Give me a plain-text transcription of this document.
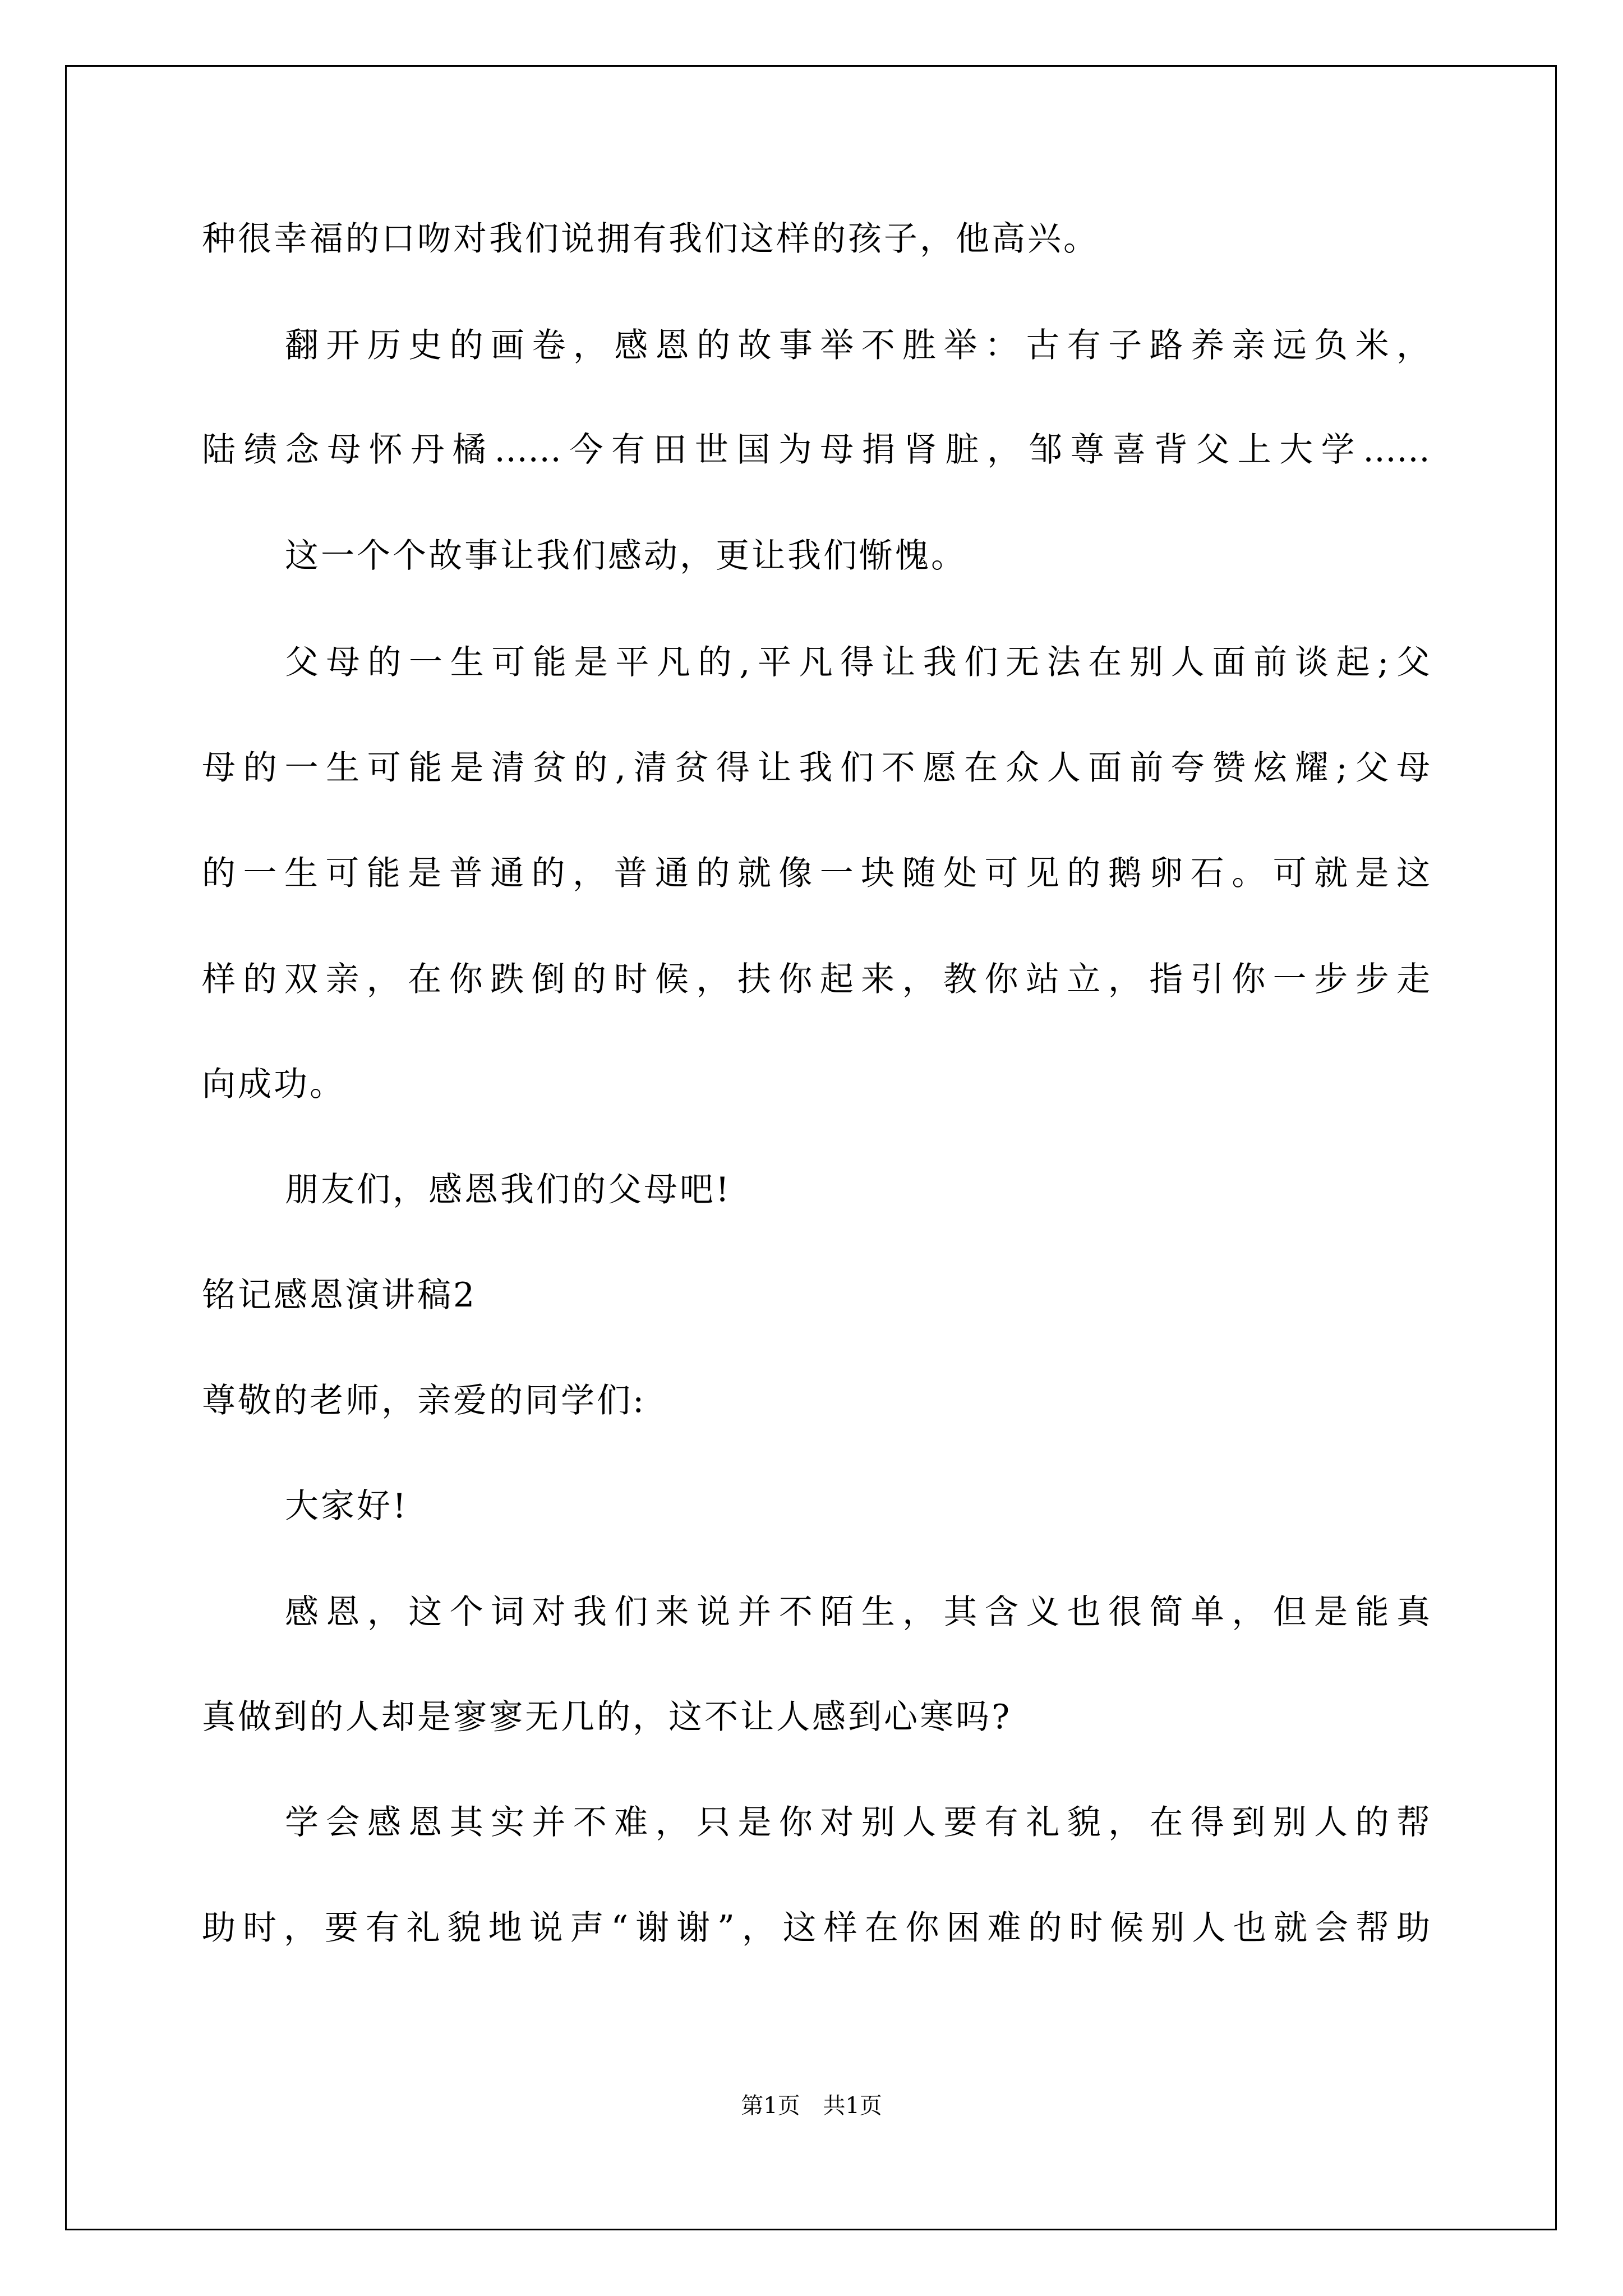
种很幸福的口吻对我们说拥有我们这样的孩子，他高兴。
翻开历史的画卷，感恩的故事举不胜举：古有子路养亲远负米，
陆绩念母怀丹橘……今有田世国为母捐肾脏，邹尊喜背父上大学……
这一个个故事让我们感动，更让我们惭愧。
父母的一生可能是平凡的,平凡得让我们无法在别人面前谈起;父
母的一生可能是清贫的,清贫得让我们不愿在众人面前夸赞炫耀;父母
的一生可能是普通的，普通的就像一块随处可见的鹅卵石。可就是这
样的双亲，在你跌倒的时候，扶你起来，教你站立，指引你一步步走
向成功。
朋友们，感恩我们的父母吧!
铭记感恩演讲稿2
尊敬的老师，亲爱的同学们:
大家好!
感恩，这个词对我们来说并不陌生，其含义也很简单，但是能真
真做到的人却是寥寥无几的，这不让人感到心寒吗?
学会感恩其实并不难，只是你对别人要有礼貌，在得到别人的帮
助时，要有礼貌地说声“谢谢”，这样在你困难的时候别人也就会帮助
第1页 共1页
